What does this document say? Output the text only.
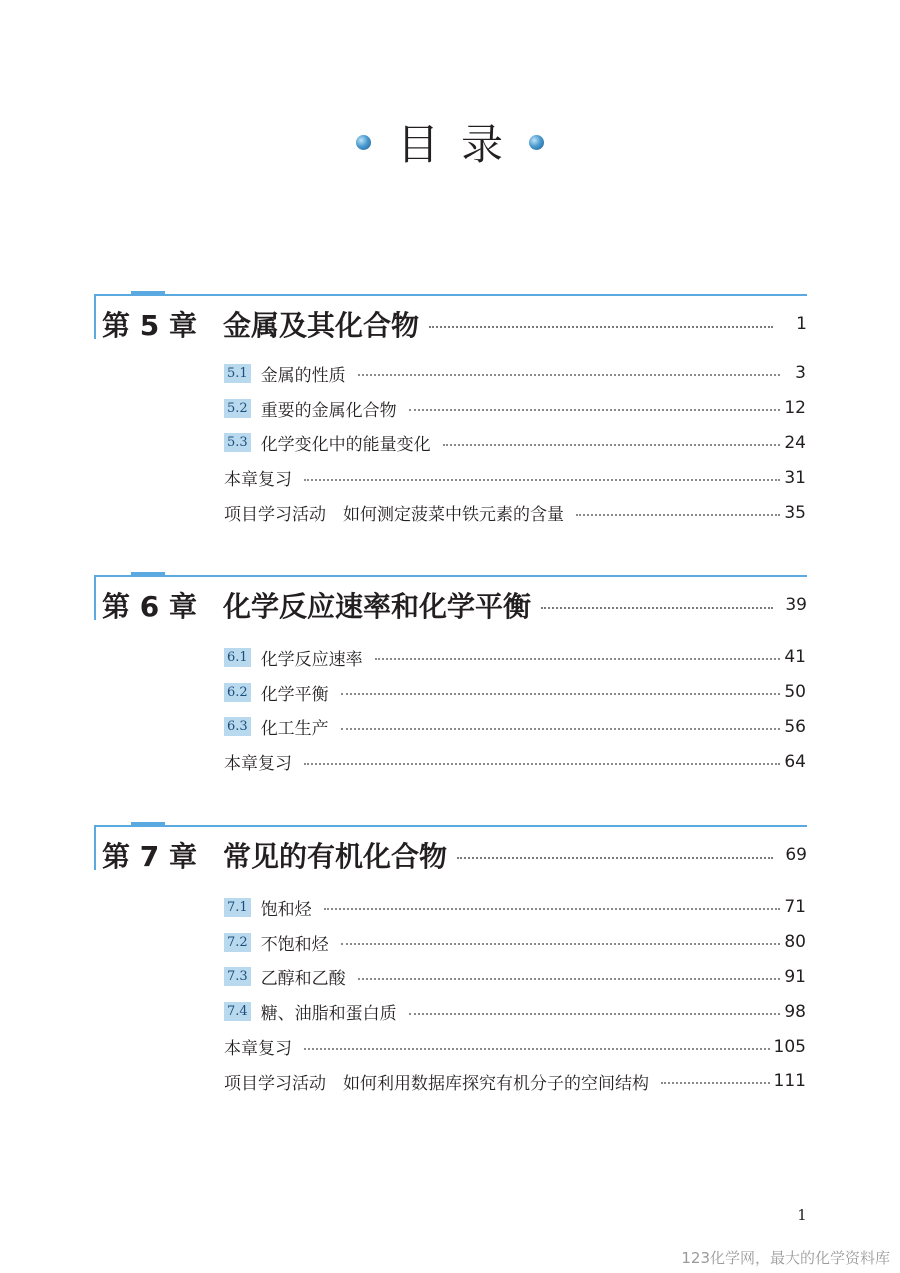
目录
第 5 章 金属及其化合物	1
5.1 金属的性质	3
5.2 重要的金属化合物	12
5.3 化学变化中的能量变化	24
本章复习	31
项目学习活动　如何测定菠菜中铁元素的含量	35
第 6 章 化学反应速率和化学平衡	39
6.1 化学反应速率	41
6.2 化学平衡	50
6.3 化工生产	56
本章复习	64
第 7 章 常见的有机化合物	69
7.1 饱和烃	71
7.2 不饱和烃	80
7.3 乙醇和乙酸	91
7.4 糖、油脂和蛋白质	98
本章复习	105
项目学习活动　如何利用数据库探究有机分子的空间结构	111
1
123化学网，最大的化学资料库
